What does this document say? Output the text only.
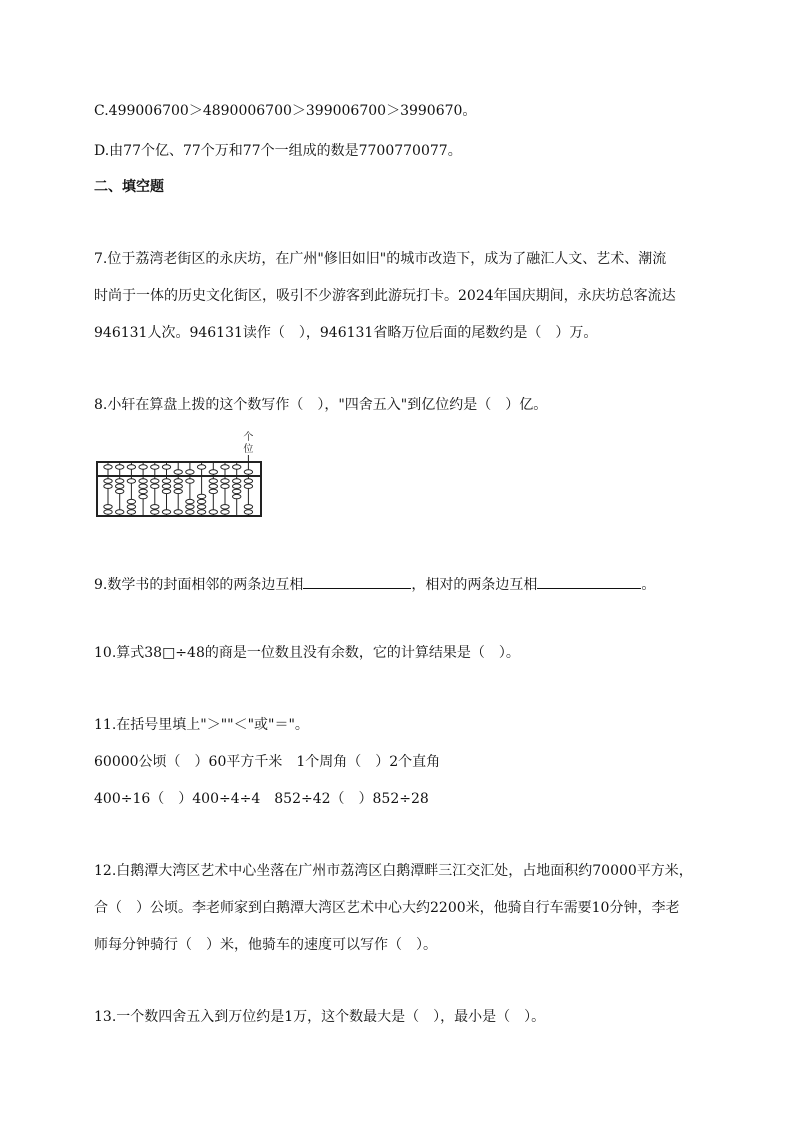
C.499006700＞4890006700＞399006700＞3990670。
D.由77个亿、77个万和77个一组成的数是7700770077。
二、填空题
7.位于荔湾老街区的永庆坊，在广州"修旧如旧"的城市改造下，成为了融汇人文、艺术、潮流
时尚于一体的历史文化街区，吸引不少游客到此游玩打卡。2024年国庆期间，永庆坊总客流达
946131人次。946131读作（　），946131省略万位后面的尾数约是（　）万。
8.小轩在算盘上拨的这个数写作（　），"四舍五入"到亿位约是（　）亿。
个
位
9.数学书的封面相邻的两条边互相	，相对的两条边互相	。
10.算式38□÷48的商是一位数且没有余数，它的计算结果是（　）。
11.在括号里填上"＞""＜"或"＝"。
60000公顷（　）60平方千米　1个周角（　）2个直角
400÷16（　）400÷4÷4　852÷42（　）852÷28
12.白鹅潭大湾区艺术中心坐落在广州市荔湾区白鹅潭畔三江交汇处，占地面积约70000平方米，
合（　）公顷。李老师家到白鹅潭大湾区艺术中心大约2200米，他骑自行车需要10分钟，李老
师每分钟骑行（　）米，他骑车的速度可以写作（　）。
13.一个数四舍五入到万位约是1万，这个数最大是（　），最小是（　）。
